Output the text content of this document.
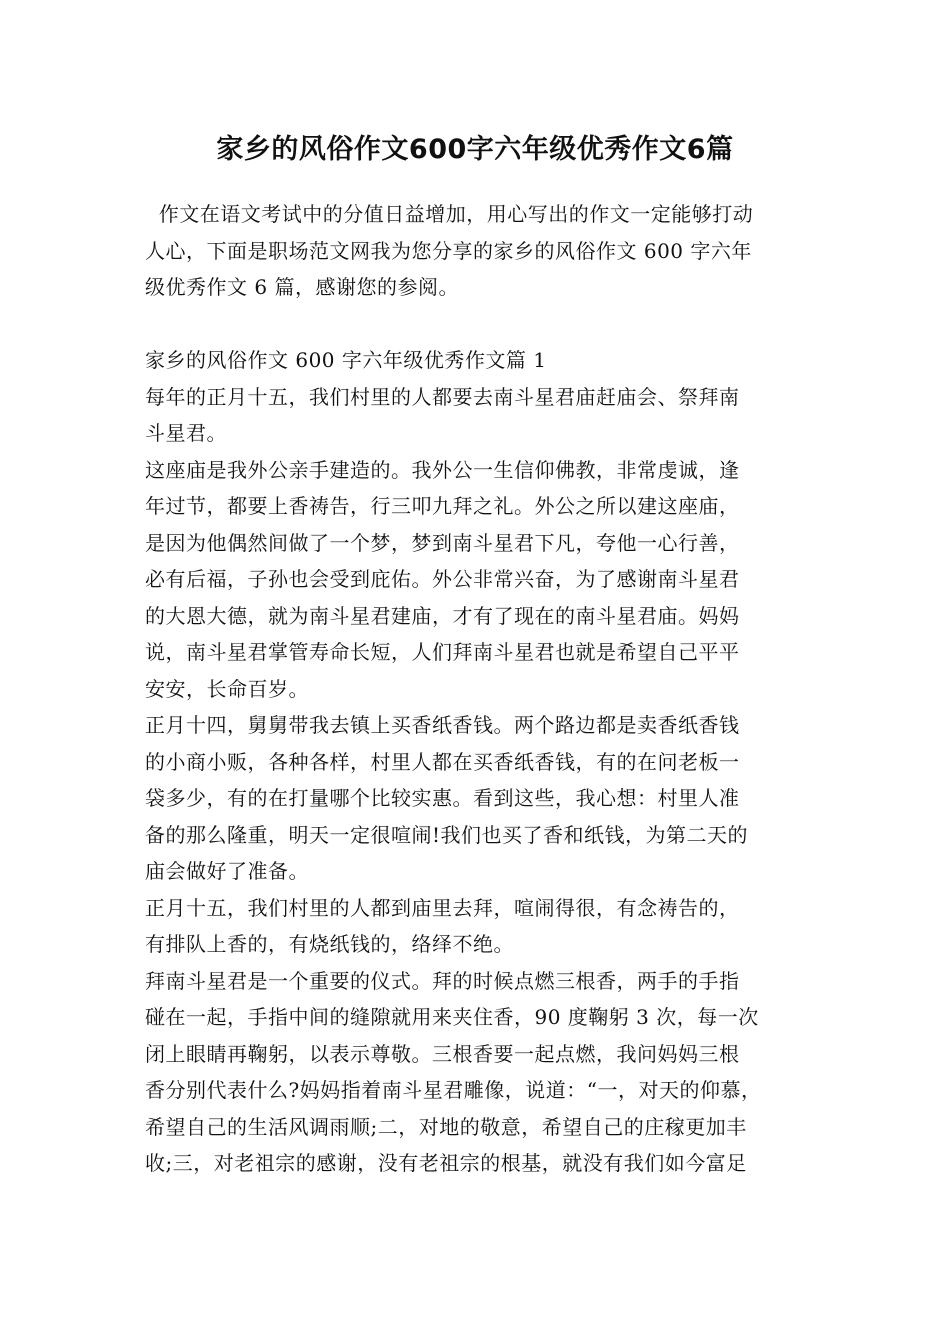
家乡的风俗作文600字六年级优秀作文6篇

作文在语文考试中的分值日益增加，用心写出的作文一定能够打动

人心，下面是职场范文网我为您分享的家乡的风俗作文 600 字六年

级优秀作文 6 篇，感谢您的参阅。

家乡的风俗作文 600 字六年级优秀作文篇 1

每年的正月十五，我们村里的人都要去南斗星君庙赶庙会、祭拜南

斗星君。

这座庙是我外公亲手建造的。我外公一生信仰佛教，非常虔诚，逢

年过节，都要上香祷告，行三叩九拜之礼。外公之所以建这座庙，

是因为他偶然间做了一个梦，梦到南斗星君下凡，夸他一心行善，

必有后福，子孙也会受到庇佑。外公非常兴奋，为了感谢南斗星君

的大恩大德，就为南斗星君建庙，才有了现在的南斗星君庙。妈妈

说，南斗星君掌管寿命长短，人们拜南斗星君也就是希望自己平平

安安，长命百岁。

正月十四，舅舅带我去镇上买香纸香钱。两个路边都是卖香纸香钱

的小商小贩，各种各样，村里人都在买香纸香钱，有的在问老板一

袋多少，有的在打量哪个比较实惠。看到这些，我心想：村里人准

备的那么隆重，明天一定很喧闹!我们也买了香和纸钱，为第二天的

庙会做好了准备。

正月十五，我们村里的人都到庙里去拜，喧闹得很，有念祷告的，

有排队上香的，有烧纸钱的，络绎不绝。

拜南斗星君是一个重要的仪式。拜的时候点燃三根香，两手的手指

碰在一起，手指中间的缝隙就用来夹住香，90 度鞠躬 3 次，每一次

闭上眼睛再鞠躬，以表示尊敬。三根香要一起点燃，我问妈妈三根

香分别代表什么?妈妈指着南斗星君雕像，说道：“一，对天的仰慕，

希望自己的生活风调雨顺;二，对地的敬意，希望自己的庄稼更加丰

收;三，对老祖宗的感谢，没有老祖宗的根基，就没有我们如今富足
